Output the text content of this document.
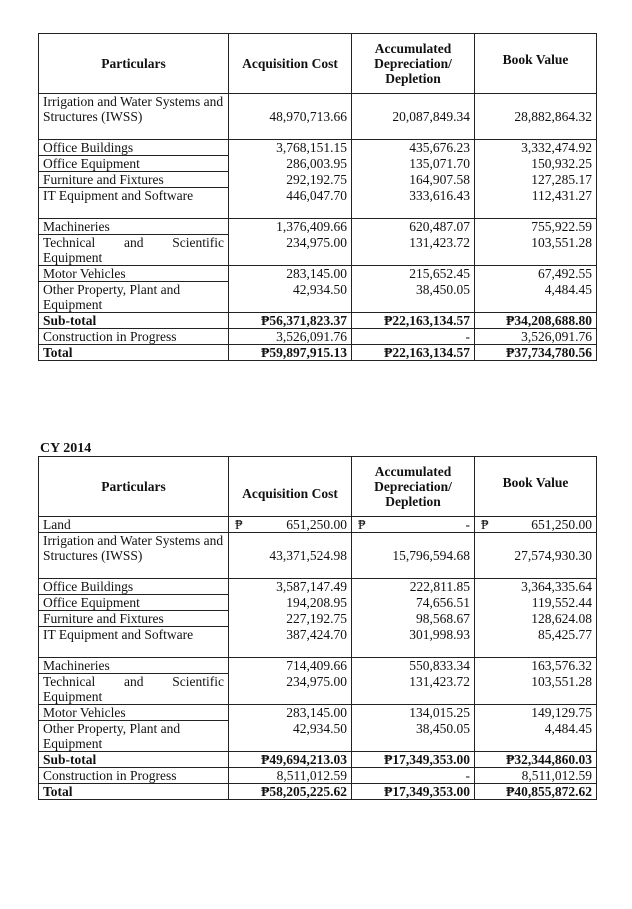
Particulars	Acquisition Cost	Accumulated Depreciation/ Depletion	Book Value
Irrigation and Water Systems and Structures (IWSS)	48,970,713.66	20,087,849.34	28,882,864.32
Office Buildings	3,768,151.15	435,676.23	3,332,474.92
Office Equipment	286,003.95	135,071.70	150,932.25
Furniture and Fixtures	292,192.75	164,907.58	127,285.17
IT Equipment and Software	446,047.70	333,616.43	112,431.27
Machineries	1,376,409.66	620,487.07	755,922.59
Technical and Scientific Equipment	234,975.00	131,423.72	103,551.28
Motor Vehicles	283,145.00	215,652.45	67,492.55
Other Property, Plant and Equipment	42,934.50	38,450.05	4,484.45
Sub-total	₱56,371,823.37	₱22,163,134.57	₱34,208,688.80
Construction in Progress	3,526,091.76	-	3,526,091.76
Total	₱59,897,915.13	₱22,163,134.57	₱37,734,780.56
CY 2014
Particulars	Acquisition Cost	Accumulated Depreciation/ Depletion	Book Value
Land	₱ 651,250.00	₱ -	₱ 651,250.00
Irrigation and Water Systems and Structures (IWSS)	43,371,524.98	15,796,594.68	27,574,930.30
Office Buildings	3,587,147.49	222,811.85	3,364,335.64
Office Equipment	194,208.95	74,656.51	119,552.44
Furniture and Fixtures	227,192.75	98,568.67	128,624.08
IT Equipment and Software	387,424.70	301,998.93	85,425.77
Machineries	714,409.66	550,833.34	163,576.32
Technical and Scientific Equipment	234,975.00	131,423.72	103,551.28
Motor Vehicles	283,145.00	134,015.25	149,129.75
Other Property, Plant and Equipment	42,934.50	38,450.05	4,484.45
Sub-total	₱49,694,213.03	₱17,349,353.00	₱32,344,860.03
Construction in Progress	8,511,012.59	-	8,511,012.59
Total	₱58,205,225.62	₱17,349,353.00	₱40,855,872.62
